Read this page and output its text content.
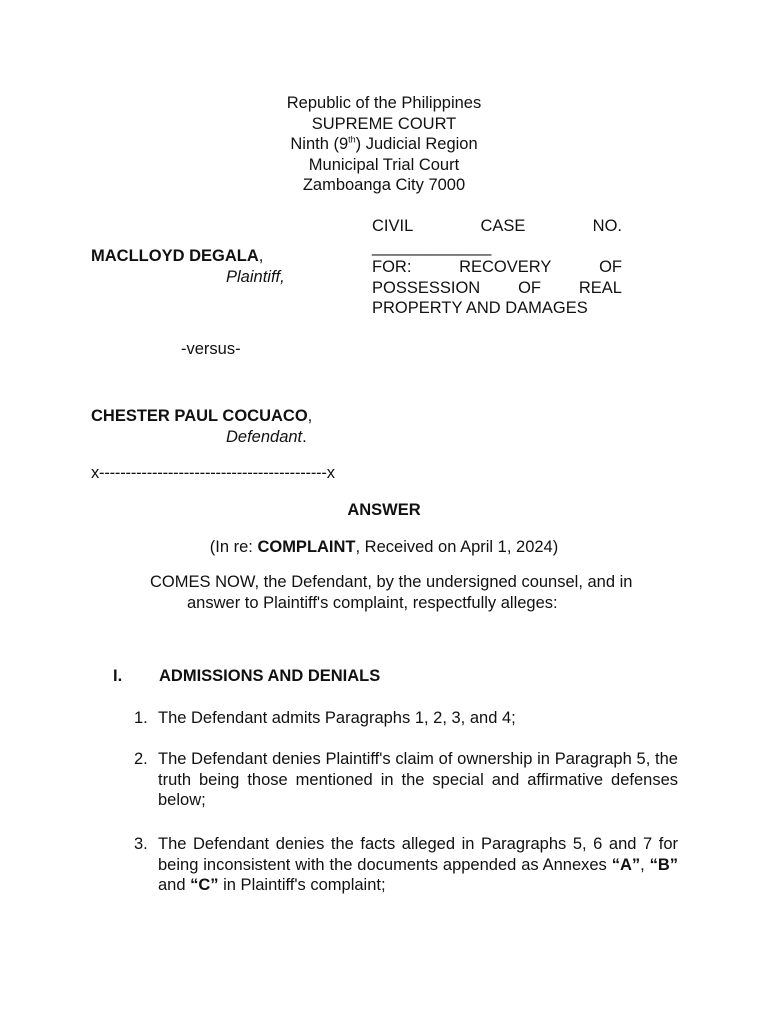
Republic of the Philippines
SUPREME COURT
Ninth (9th) Judicial Region
Municipal Trial Court
Zamboanga City 7000
CIVIL	CASE	NO.
_____________
FOR:	RECOVERY	OF
POSSESSION OF REAL
PROPERTY AND DAMAGES
MACLLOYD DEGALA,
Plaintiff,
-versus-
CHESTER PAUL COCUACO,
Defendant.
x-------------------------------------------x
ANSWER
(In re: COMPLAINT, Received on April 1, 2024)
COMES NOW, the Defendant, by the undersigned counsel, and in
answer to Plaintiff's complaint, respectfully alleges:
I. ADMISSIONS AND DENIALS
1. The Defendant admits Paragraphs 1, 2, 3, and 4;
2. The Defendant denies Plaintiff's claim of ownership in Paragraph 5, the truth being those mentioned in the special and affirmative defenses below;
3. The Defendant denies the facts alleged in Paragraphs 5, 6 and 7 for being inconsistent with the documents appended as Annexes “A”, “B” and “C” in Plaintiff's complaint;
